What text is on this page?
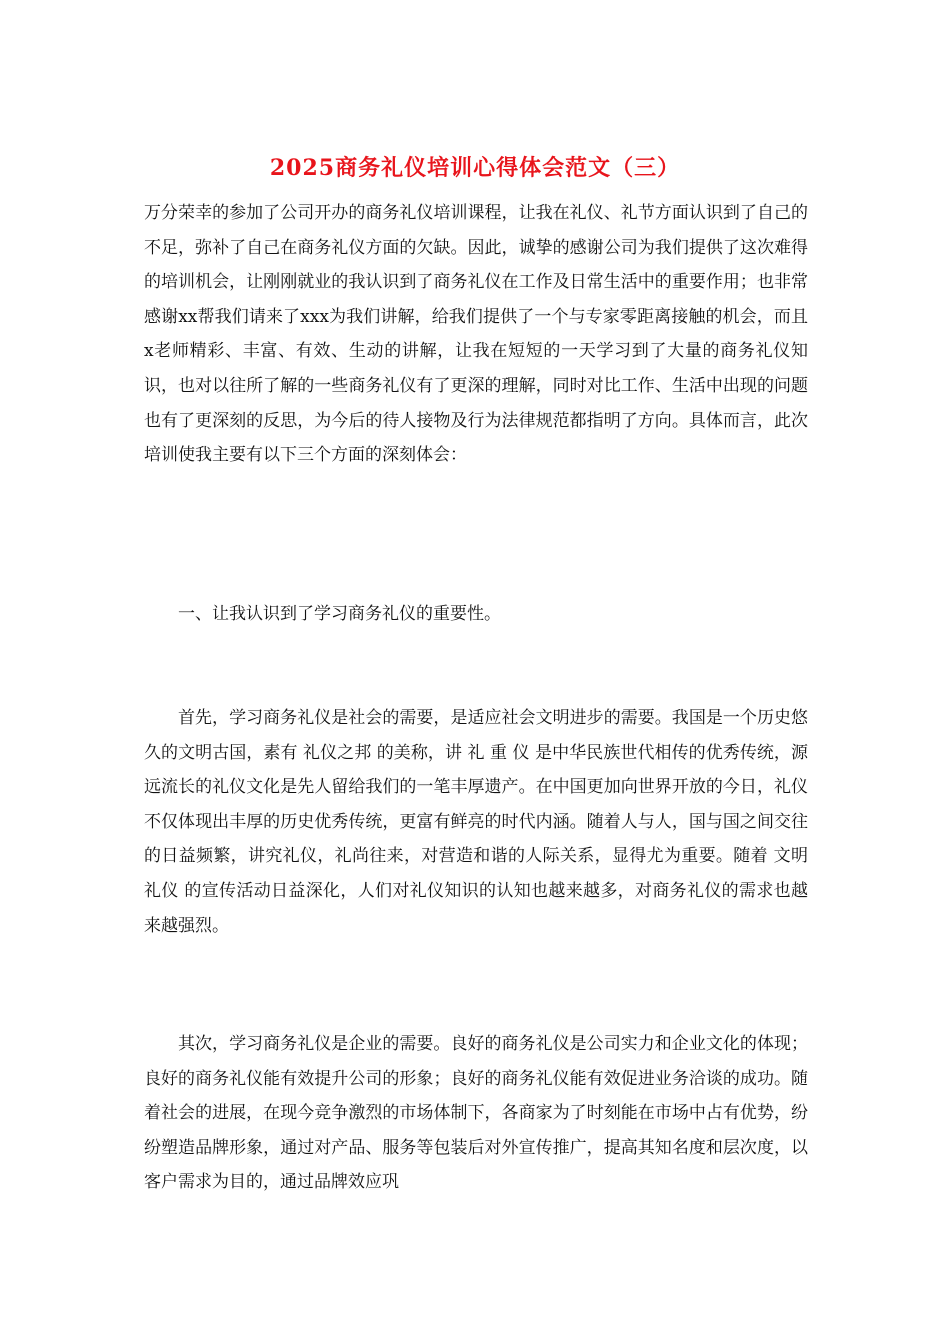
2025商务礼仪培训心得体会范文（三）

万分荣幸的参加了公司开办的商务礼仪培训课程，让我在礼仪、礼节方面认识到了自己的不足，弥补了自己在商务礼仪方面的欠缺。因此，诚挚的感谢公司为我们提供了这次难得的培训机会，让刚刚就业的我认识到了商务礼仪在工作及日常生活中的重要作用；也非常感谢xx帮我们请来了xxx为我们讲解，给我们提供了一个与专家零距离接触的机会，而且x老师精彩、丰富、有效、生动的讲解，让我在短短的一天学习到了大量的商务礼仪知识，也对以往所了解的一些商务礼仪有了更深的理解，同时对比工作、生活中出现的问题也有了更深刻的反思，为今后的待人接物及行为法律规范都指明了方向。具体而言，此次培训使我主要有以下三个方面的深刻体会：

一、让我认识到了学习商务礼仪的重要性。

首先，学习商务礼仪是社会的需要，是适应社会文明进步的需要。我国是一个历史悠久的文明古国，素有 礼仪之邦 的美称，讲 礼 重 仪 是中华民族世代相传的优秀传统，源远流长的礼仪文化是先人留给我们的一笔丰厚遗产。在中国更加向世界开放的今日，礼仪不仅体现出丰厚的历史优秀传统，更富有鲜亮的时代内涵。随着人与人，国与国之间交往的日益频繁，讲究礼仪，礼尚往来，对营造和谐的人际关系，显得尤为重要。随着 文明礼仪 的宣传活动日益深化，人们对礼仪知识的认知也越来越多，对商务礼仪的需求也越来越强烈。

其次，学习商务礼仪是企业的需要。良好的商务礼仪是公司实力和企业文化的体现；良好的商务礼仪能有效提升公司的形象；良好的商务礼仪能有效促进业务洽谈的成功。随着社会的进展，在现今竞争激烈的市场体制下，各商家为了时刻能在市场中占有优势，纷纷塑造品牌形象，通过对产品、服务等包装后对外宣传推广，提高其知名度和层次度，以客户需求为目的，通过品牌效应巩
